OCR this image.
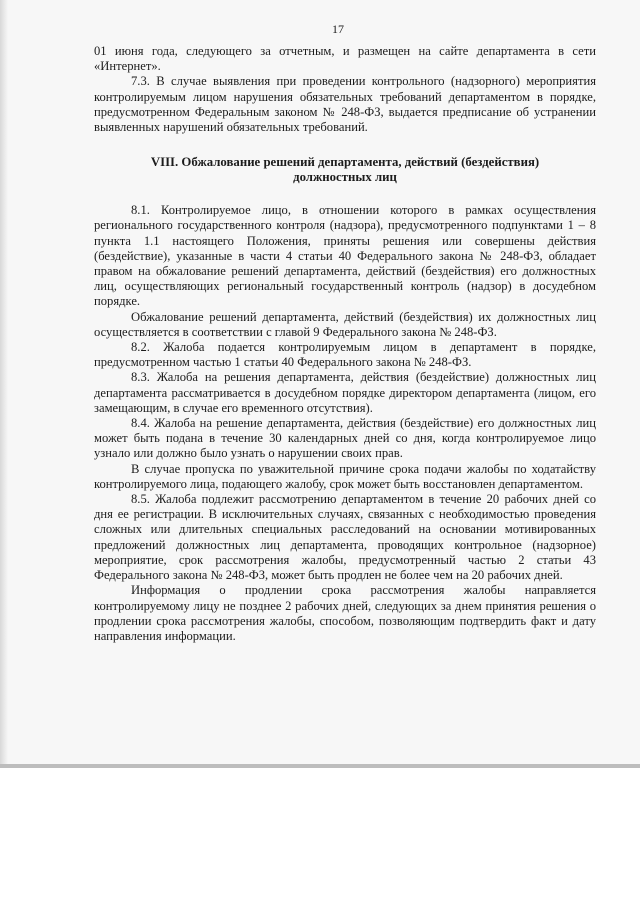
17

01 июня года, следующего за отчетным, и размещен на сайте департамента в сети «Интернет».

7.3. В случае выявления при проведении контрольного (надзорного) мероприятия контролируемым лицом нарушения обязательных требований департаментом в порядке, предусмотренном Федеральным законом № 248-ФЗ, выдается предписание об устранении выявленных нарушений обязательных требований.

VIII. Обжалование решений департамента, действий (бездействия)
должностных лиц

8.1. Контролируемое лицо, в отношении которого в рамках осуществления регионального государственного контроля (надзора), предусмотренного подпунктами 1 – 8 пункта 1.1 настоящего Положения, приняты решения или совершены действия (бездействие), указанные в части 4 статьи 40 Федерального закона № 248-ФЗ, обладает правом на обжалование решений департамента, действий (бездействия) его должностных лиц, осуществляющих региональный государственный контроль (надзор) в досудебном порядке.

Обжалование решений департамента, действий (бездействия) их должностных лиц осуществляется в соответствии с главой 9 Федерального закона № 248-ФЗ.

8.2. Жалоба подается контролируемым лицом в департамент в порядке, предусмотренном частью 1 статьи 40 Федерального закона № 248-ФЗ.

8.3. Жалоба на решения департамента, действия (бездействие) должностных лиц департамента рассматривается в досудебном порядке директором департамента (лицом, его замещающим, в случае его временного отсутствия).

8.4. Жалоба на решение департамента, действия (бездействие) его должностных лиц может быть подана в течение 30 календарных дней со дня, когда контролируемое лицо узнало или должно было узнать о нарушении своих прав.

В случае пропуска по уважительной причине срока подачи жалобы по ходатайству контролируемого лица, подающего жалобу, срок может быть восстановлен департаментом.

8.5. Жалоба подлежит рассмотрению департаментом в течение 20 рабочих дней со дня ее регистрации. В исключительных случаях, связанных с необходимостью проведения сложных или длительных специальных расследований на основании мотивированных предложений должностных лиц департамента, проводящих контрольное (надзорное) мероприятие, срок рассмотрения жалобы, предусмотренный частью 2 статьи 43 Федерального закона № 248-ФЗ, может быть продлен не более чем на 20 рабочих дней.

Информация о продлении срока рассмотрения жалобы направляется контролируемому лицу не позднее 2 рабочих дней, следующих за днем принятия решения о продлении срока рассмотрения жалобы, способом, позволяющим подтвердить факт и дату направления информации.
